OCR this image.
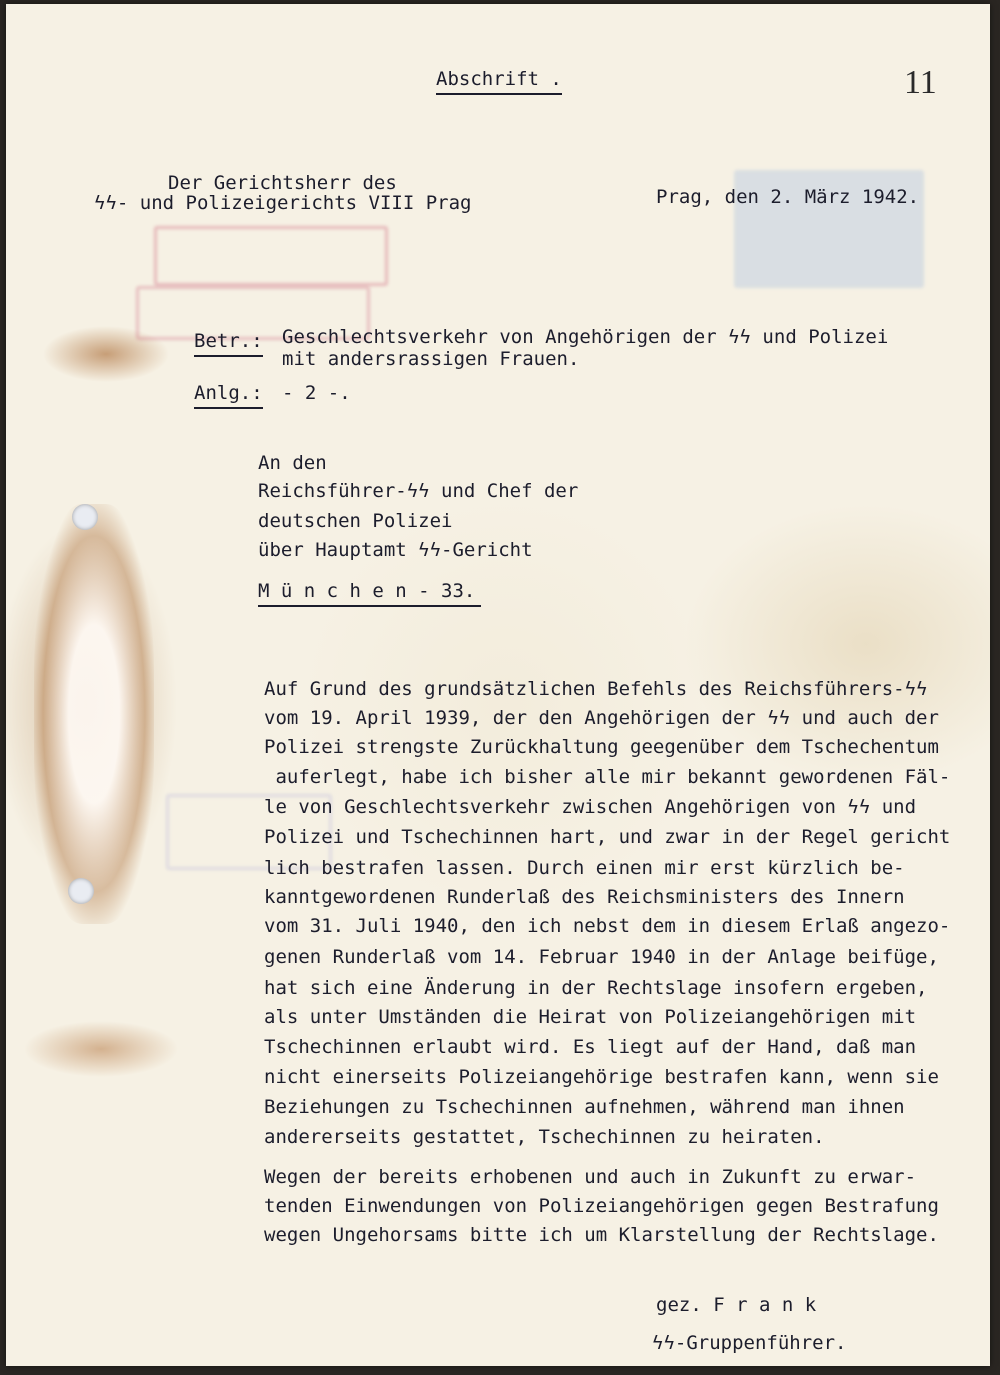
Abschrift .	11
Der Gerichtsherr des
ϟϟ- und Polizeigerichts VIII Prag	Prag, den 2. März 1942.
Betr.: Geschlechtsverkehr von Angehörigen der ϟϟ und Polizei
mit andersrassigen Frauen.
Anlg.: - 2 -.
An den
Reichsführer-ϟϟ und Chef der
deutschen Polizei
über Hauptamt ϟϟ-Gericht
M ü n c h e n - 33.
Auf Grund des grundsätzlichen Befehls des Reichsführers-ϟϟ
vom 19. April 1939, der den Angehörigen der ϟϟ und auch der
Polizei strengste Zurückhaltung geegenüber dem Tschechentum
auferlegt, habe ich bisher alle mir bekannt gewordenen Fäl-
le von Geschlechtsverkehr zwischen Angehörigen von ϟϟ und
Polizei und Tschechinnen hart, und zwar in der Regel gericht
lich bestrafen lassen. Durch einen mir erst kürzlich be-
kanntgewordenen Runderlaß des Reichsministers des Innern
vom 31. Juli 1940, den ich nebst dem in diesem Erlaß angezo-
genen Runderlaß vom 14. Februar 1940 in der Anlage beifüge,
hat sich eine Änderung in der Rechtslage insofern ergeben,
als unter Umständen die Heirat von Polizeiangehörigen mit
Tschechinnen erlaubt wird. Es liegt auf der Hand, daß man
nicht einerseits Polizeiangehörige bestrafen kann, wenn sie
Beziehungen zu Tschechinnen aufnehmen, während man ihnen
andererseits gestattet, Tschechinnen zu heiraten.
Wegen der bereits erhobenen und auch in Zukunft zu erwar-
tenden Einwendungen von Polizeiangehörigen gegen Bestrafung
wegen Ungehorsams bitte ich um Klarstellung der Rechtslage.
gez. F r a n k
ϟϟ-Gruppenführer.
